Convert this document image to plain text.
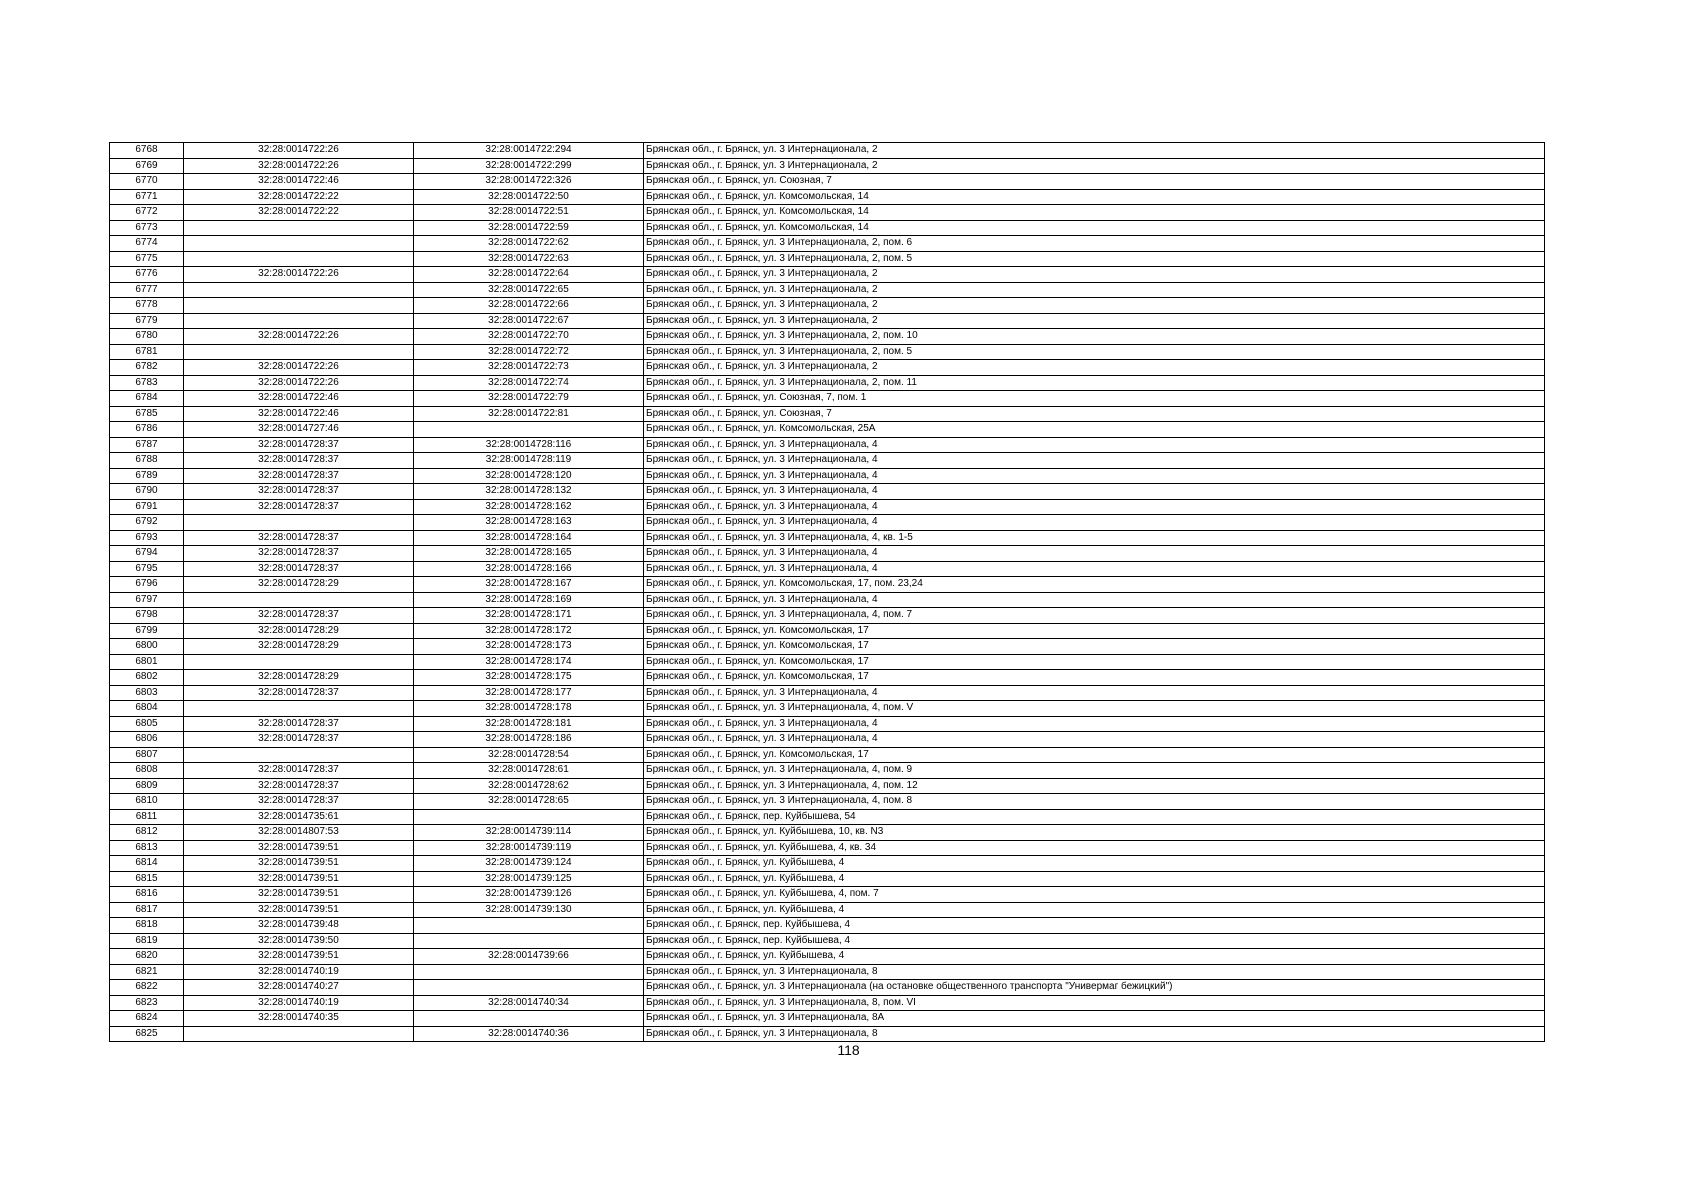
6768	32:28:0014722:26	32:28:0014722:294	Брянская обл., г. Брянск, ул. 3 Интернационала, 2
6769	32:28:0014722:26	32:28:0014722:299	Брянская обл., г. Брянск, ул. 3 Интернационала, 2
6770	32:28:0014722:46	32:28:0014722:326	Брянская обл., г. Брянск, ул. Союзная, 7
6771	32:28:0014722:22	32:28:0014722:50	Брянская обл., г. Брянск, ул. Комсомольская, 14
6772	32:28:0014722:22	32:28:0014722:51	Брянская обл., г. Брянск, ул. Комсомольская, 14
6773		32:28:0014722:59	Брянская обл., г. Брянск, ул. Комсомольская, 14
6774		32:28:0014722:62	Брянская обл., г. Брянск, ул. 3 Интернационала, 2, пом. 6
6775		32:28:0014722:63	Брянская обл., г. Брянск, ул. 3 Интернационала, 2, пом. 5
6776	32:28:0014722:26	32:28:0014722:64	Брянская обл., г. Брянск, ул. 3 Интернационала, 2
6777		32:28:0014722:65	Брянская обл., г. Брянск, ул. 3 Интернационала, 2
6778		32:28:0014722:66	Брянская обл., г. Брянск, ул. 3 Интернационала, 2
6779		32:28:0014722:67	Брянская обл., г. Брянск, ул. 3 Интернационала, 2
6780	32:28:0014722:26	32:28:0014722:70	Брянская обл., г. Брянск, ул. 3 Интернационала, 2, пом. 10
6781		32:28:0014722:72	Брянская обл., г. Брянск, ул. 3 Интернационала, 2, пом. 5
6782	32:28:0014722:26	32:28:0014722:73	Брянская обл., г. Брянск, ул. 3 Интернационала, 2
6783	32:28:0014722:26	32:28:0014722:74	Брянская обл., г. Брянск, ул. 3 Интернационала, 2, пом. 11
6784	32:28:0014722:46	32:28:0014722:79	Брянская обл., г. Брянск, ул. Союзная, 7, пом. 1
6785	32:28:0014722:46	32:28:0014722:81	Брянская обл., г. Брянск, ул. Союзная, 7
6786	32:28:0014727:46		Брянская обл., г. Брянск, ул. Комсомольская, 25А
6787	32:28:0014728:37	32:28:0014728:116	Брянская обл., г. Брянск, ул. 3 Интернационала, 4
6788	32:28:0014728:37	32:28:0014728:119	Брянская обл., г. Брянск, ул. 3 Интернационала, 4
6789	32:28:0014728:37	32:28:0014728:120	Брянская обл., г. Брянск, ул. 3 Интернационала, 4
6790	32:28:0014728:37	32:28:0014728:132	Брянская обл., г. Брянск, ул. 3 Интернационала, 4
6791	32:28:0014728:37	32:28:0014728:162	Брянская обл., г. Брянск, ул. 3 Интернационала, 4
6792		32:28:0014728:163	Брянская обл., г. Брянск, ул. 3 Интернационала, 4
6793	32:28:0014728:37	32:28:0014728:164	Брянская обл., г. Брянск, ул. 3 Интернационала, 4, кв. 1-5
6794	32:28:0014728:37	32:28:0014728:165	Брянская обл., г. Брянск, ул. 3 Интернационала, 4
6795	32:28:0014728:37	32:28:0014728:166	Брянская обл., г. Брянск, ул. 3 Интернационала, 4
6796	32:28:0014728:29	32:28:0014728:167	Брянская обл., г. Брянск, ул. Комсомольская, 17, пом. 23,24
6797		32:28:0014728:169	Брянская обл., г. Брянск, ул. 3 Интернационала, 4
6798	32:28:0014728:37	32:28:0014728:171	Брянская обл., г. Брянск, ул. 3 Интернационала, 4, пом. 7
6799	32:28:0014728:29	32:28:0014728:172	Брянская обл., г. Брянск, ул. Комсомольская, 17
6800	32:28:0014728:29	32:28:0014728:173	Брянская обл., г. Брянск, ул. Комсомольская, 17
6801		32:28:0014728:174	Брянская обл., г. Брянск, ул. Комсомольская, 17
6802	32:28:0014728:29	32:28:0014728:175	Брянская обл., г. Брянск, ул. Комсомольская, 17
6803	32:28:0014728:37	32:28:0014728:177	Брянская обл., г. Брянск, ул. 3 Интернационала, 4
6804		32:28:0014728:178	Брянская обл., г. Брянск, ул. 3 Интернационала, 4, пом. V
6805	32:28:0014728:37	32:28:0014728:181	Брянская обл., г. Брянск, ул. 3 Интернационала, 4
6806	32:28:0014728:37	32:28:0014728:186	Брянская обл., г. Брянск, ул. 3 Интернационала, 4
6807		32:28:0014728:54	Брянская обл., г. Брянск, ул. Комсомольская, 17
6808	32:28:0014728:37	32:28:0014728:61	Брянская обл., г. Брянск, ул. 3 Интернационала, 4, пом. 9
6809	32:28:0014728:37	32:28:0014728:62	Брянская обл., г. Брянск, ул. 3 Интернационала, 4, пом. 12
6810	32:28:0014728:37	32:28:0014728:65	Брянская обл., г. Брянск, ул. 3 Интернационала, 4, пом. 8
6811	32:28:0014735:61		Брянская обл., г. Брянск, пер. Куйбышева, 54
6812	32:28:0014807:53	32:28:0014739:114	Брянская обл., г. Брянск, ул. Куйбышева, 10, кв. N3
6813	32:28:0014739:51	32:28:0014739:119	Брянская обл., г. Брянск, ул. Куйбышева, 4, кв. 34
6814	32:28:0014739:51	32:28:0014739:124	Брянская обл., г. Брянск, ул. Куйбышева, 4
6815	32:28:0014739:51	32:28:0014739:125	Брянская обл., г. Брянск, ул. Куйбышева, 4
6816	32:28:0014739:51	32:28:0014739:126	Брянская обл., г. Брянск, ул. Куйбышева, 4, пом. 7
6817	32:28:0014739:51	32:28:0014739:130	Брянская обл., г. Брянск, ул. Куйбышева, 4
6818	32:28:0014739:48		Брянская обл., г. Брянск, пер. Куйбышева, 4
6819	32:28:0014739:50		Брянская обл., г. Брянск, пер. Куйбышева, 4
6820	32:28:0014739:51	32:28:0014739:66	Брянская обл., г. Брянск, ул. Куйбышева, 4
6821	32:28:0014740:19		Брянская обл., г. Брянск, ул. 3 Интернационала, 8
6822	32:28:0014740:27		Брянская обл., г. Брянск, ул. 3 Интернационала (на остановке общественного транспорта "Универмаг бежицкий")
6823	32:28:0014740:19	32:28:0014740:34	Брянская обл., г. Брянск, ул. 3 Интернационала, 8, пом. VI
6824	32:28:0014740:35		Брянская обл., г. Брянск, ул. 3 Интернационала, 8А
6825		32:28:0014740:36	Брянская обл., г. Брянск, ул. 3 Интернационала, 8
118
